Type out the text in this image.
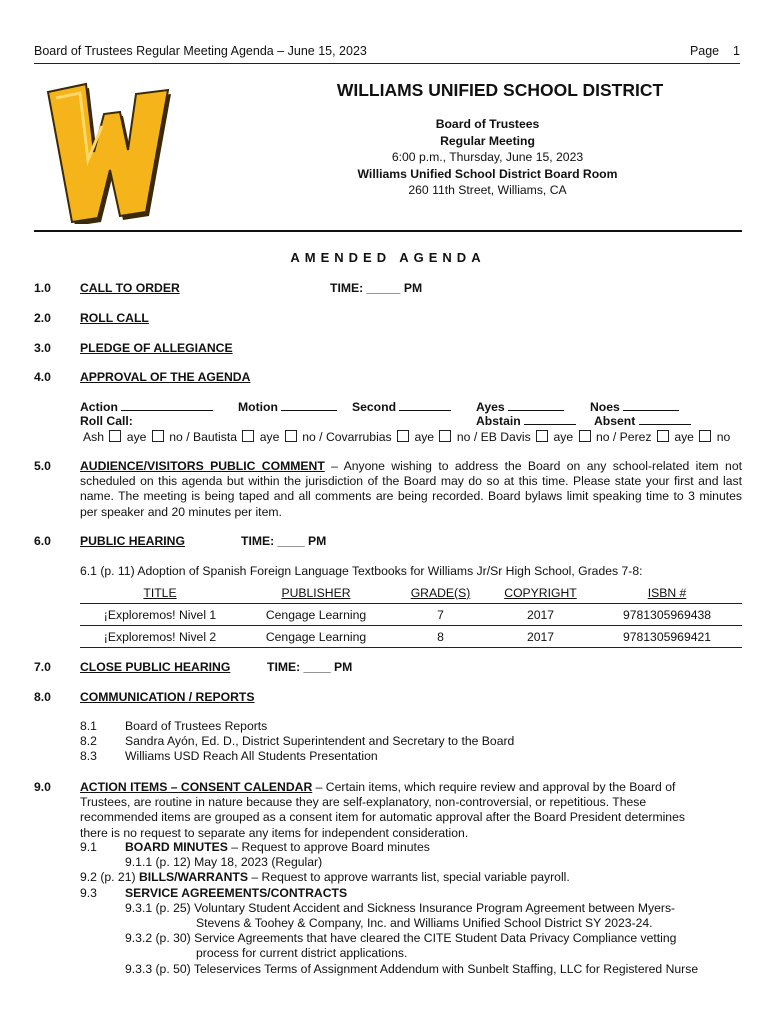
Board of Trustees Regular Meeting Agenda – June 15, 2023	Page 1
WILLIAMS UNIFIED SCHOOL DISTRICT
Board of Trustees
Regular Meeting
6:00 p.m., Thursday, June 15, 2023
Williams Unified School District Board Room
260 11th Street, Williams, CA
AMENDED AGENDA
1.0 CALL TO ORDER	TIME: _____ PM
2.0 ROLL CALL
3.0 PLEDGE OF ALLEGIANCE
4.0 APPROVAL OF THE AGENDA
Action	Motion	Second	Ayes	Noes
Roll Call:	Abstain	Absent
Ash aye no / Bautista aye no / Covarrubias aye no / EB Davis aye no / Perez aye no
5.0 AUDIENCE/VISITORS PUBLIC COMMENT – Anyone wishing to address the Board on any school-related item not scheduled on this agenda but within the jurisdiction of the Board may do so at this time. Please state your first and last name. The meeting is being taped and all comments are being recorded. Board bylaws limit speaking time to 3 minutes per speaker and 20 minutes per item.
6.0 PUBLIC HEARING	TIME: ____ PM
6.1 (p. 11) Adoption of Spanish Foreign Language Textbooks for Williams Jr/Sr High School, Grades 7-8:
TITLE	PUBLISHER	GRADE(S)	COPYRIGHT	ISBN #
¡Exploremos! Nivel 1	Cengage Learning	7	2017	9781305969438
¡Exploremos! Nivel 2	Cengage Learning	8	2017	9781305969421
7.0 CLOSE PUBLIC HEARING	TIME: ____ PM
8.0 COMMUNICATION / REPORTS
8.1 Board of Trustees Reports
8.2 Sandra Ayón, Ed. D., District Superintendent and Secretary to the Board
8.3 Williams USD Reach All Students Presentation
9.0 ACTION ITEMS – CONSENT CALENDAR – Certain items, which require review and approval by the Board of Trustees, are routine in nature because they are self-explanatory, non-controversial, or repetitious. These recommended items are grouped as a consent item for automatic approval after the Board President determines there is no request to separate any items for independent consideration.
9.1 BOARD MINUTES – Request to approve Board minutes
9.1.1 (p. 12) May 18, 2023 (Regular)
9.2 (p. 21) BILLS/WARRANTS – Request to approve warrants list, special variable payroll.
9.3 SERVICE AGREEMENTS/CONTRACTS
9.3.1 (p. 25) Voluntary Student Accident and Sickness Insurance Program Agreement between Myers-
Stevens & Toohey & Company, Inc. and Williams Unified School District SY 2023-24.
9.3.2 (p. 30) Service Agreements that have cleared the CITE Student Data Privacy Compliance vetting
process for current district applications.
9.3.3 (p. 50) Teleservices Terms of Assignment Addendum with Sunbelt Staffing, LLC for Registered Nurse
